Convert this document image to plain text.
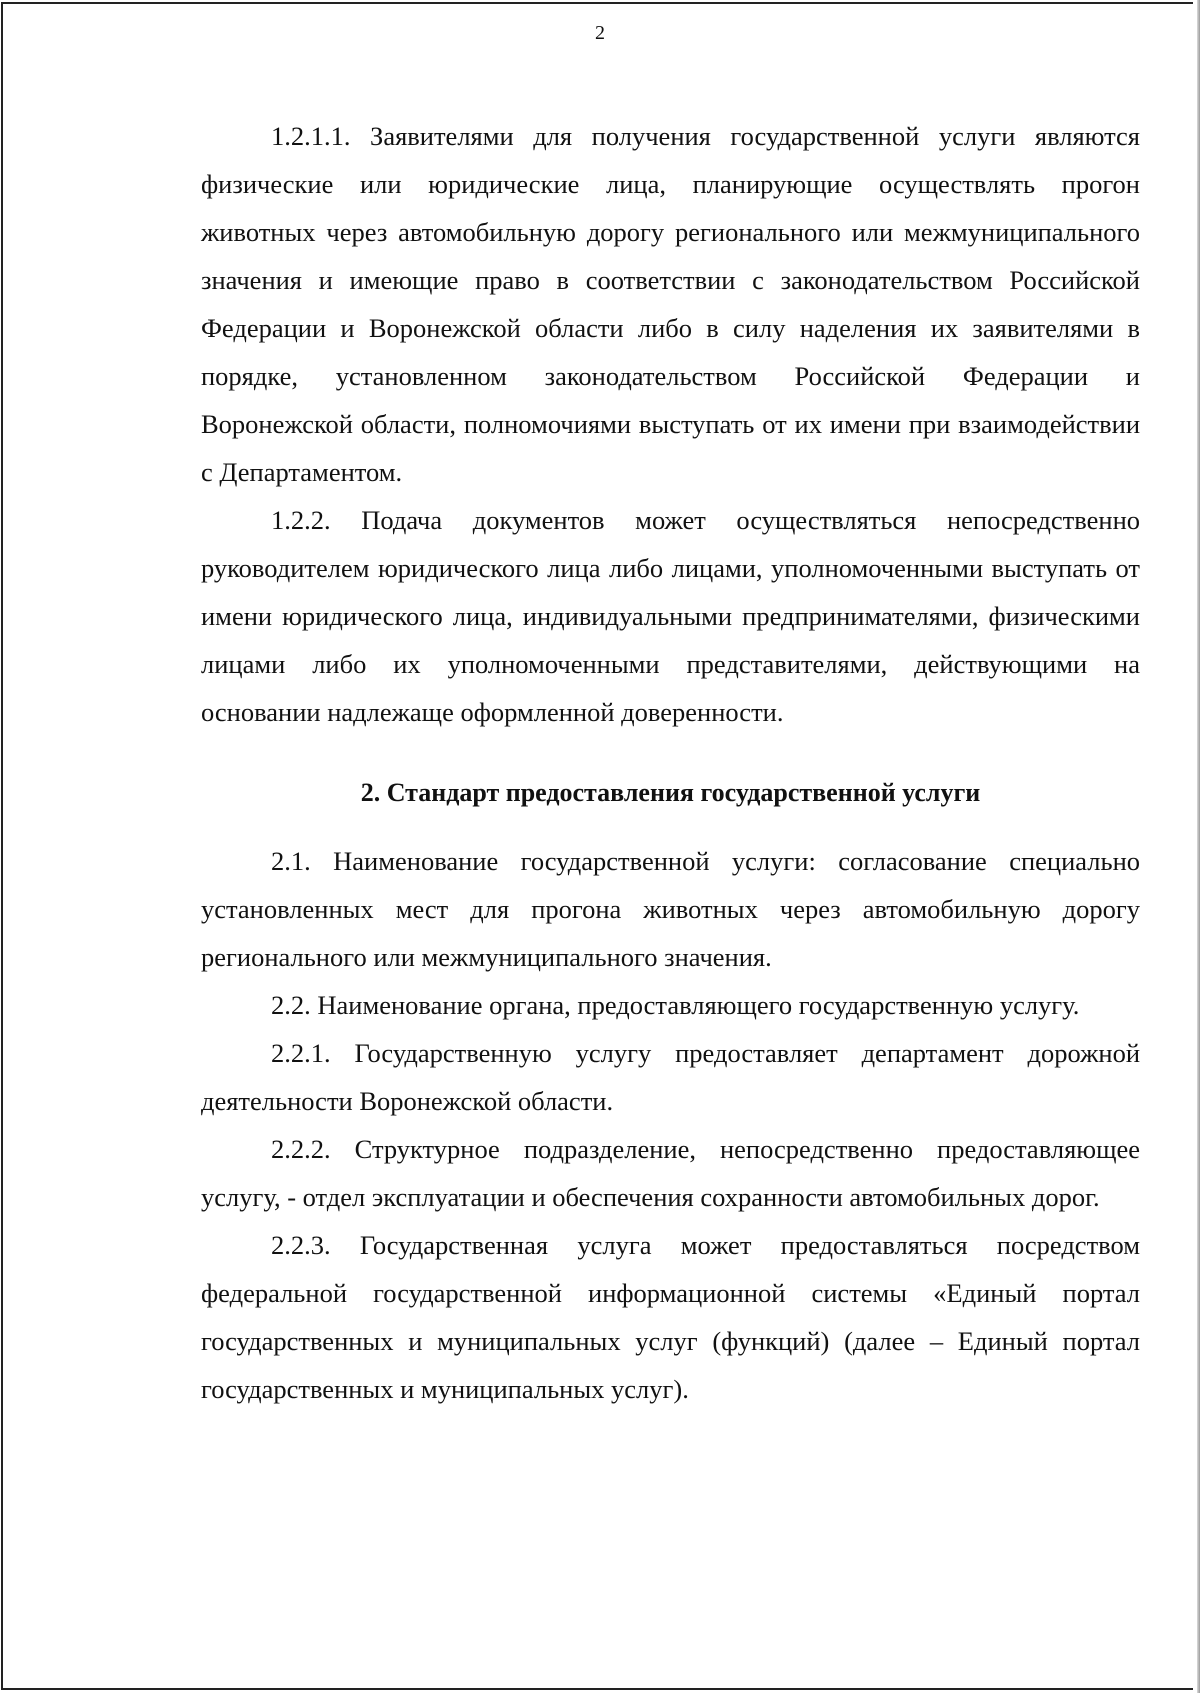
2

1.2.1.1. Заявителями для получения государственной услуги являются физические или юридические лица, планирующие осуществлять прогон животных через автомобильную дорогу регионального или межмуниципального значения и имеющие право в соответствии с законодательством Российской Федерации и Воронежской области либо в силу наделения их заявителями в порядке, установленном законодательством Российской Федерации и Воронежской области, полномочиями выступать от их имени при взаимодействии с Департаментом.

1.2.2. Подача документов может осуществляться непосредственно руководителем юридического лица либо лицами, уполномоченными выступать от имени юридического лица, индивидуальными предпринимателями, физическими лицами либо их уполномоченными представителями, действующими на основании надлежаще оформленной доверенности.

2. Стандарт предоставления государственной услуги

2.1. Наименование государственной услуги: согласование специально установленных мест для прогона животных через автомобильную дорогу регионального или межмуниципального значения.

2.2. Наименование органа, предоставляющего государственную услугу.

2.2.1. Государственную услугу предоставляет департамент дорожной деятельности Воронежской области.

2.2.2. Структурное подразделение, непосредственно предоставляющее услугу, - отдел эксплуатации и обеспечения сохранности автомобильных дорог.

2.2.3. Государственная услуга может предоставляться посредством федеральной государственной информационной системы «Единый портал государственных и муниципальных услуг (функций) (далее – Единый портал государственных и муниципальных услуг).
